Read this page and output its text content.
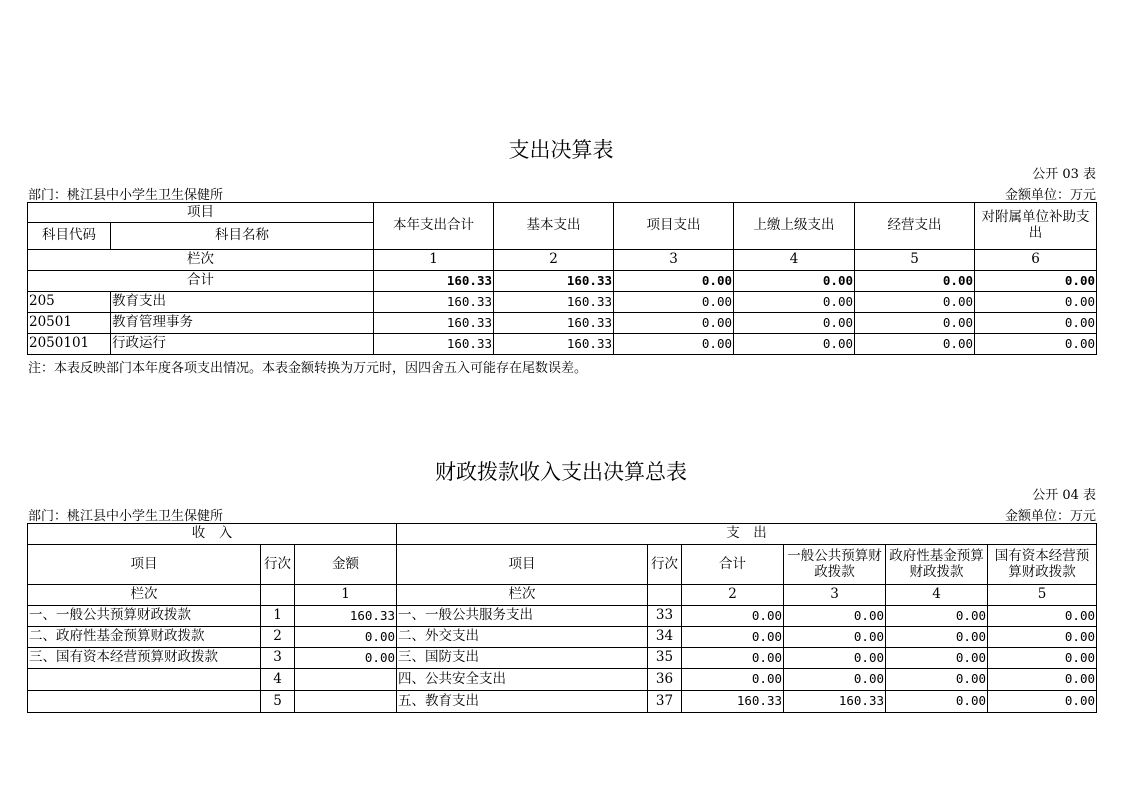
支出决算表
公开 03 表
部门：桃江县中小学生卫生保健所	金额单位：万元
项目		本年支出合计	基本支出	项目支出	上缴上级支出	经营支出	对附属单位补助支出
科目代码	科目名称						
栏次		1	2	3	4	5	6
合计		160.33	160.33	0.00	0.00	0.00	0.00
205	教育支出	160.33	160.33	0.00	0.00	0.00	0.00
20501	教育管理事务	160.33	160.33	0.00	0.00	0.00	0.00
2050101	行政运行	160.33	160.33	0.00	0.00	0.00	0.00
注：本表反映部门本年度各项支出情况。本表金额转换为万元时，因四舍五入可能存在尾数误差。
财政拨款收入支出决算总表
公开 04 表
部门：桃江县中小学生卫生保健所	金额单位：万元
收　入			支　出					
项目	行次	金额	项目	行次	合计	一般公共预算财政拨款	政府性基金预算财政拨款	国有资本经营预算财政拨款
栏次		1	栏次		2	3	4	5
一、一般公共预算财政拨款	1	160.33	一、一般公共服务支出	33	0.00	0.00	0.00	0.00
二、政府性基金预算财政拨款	2	0.00	二、外交支出	34	0.00	0.00	0.00	0.00
三、国有资本经营预算财政拨款	3	0.00	三、国防支出	35	0.00	0.00	0.00	0.00
	4		四、公共安全支出	36	0.00	0.00	0.00	0.00
	5		五、教育支出	37	160.33	160.33	0.00	0.00
